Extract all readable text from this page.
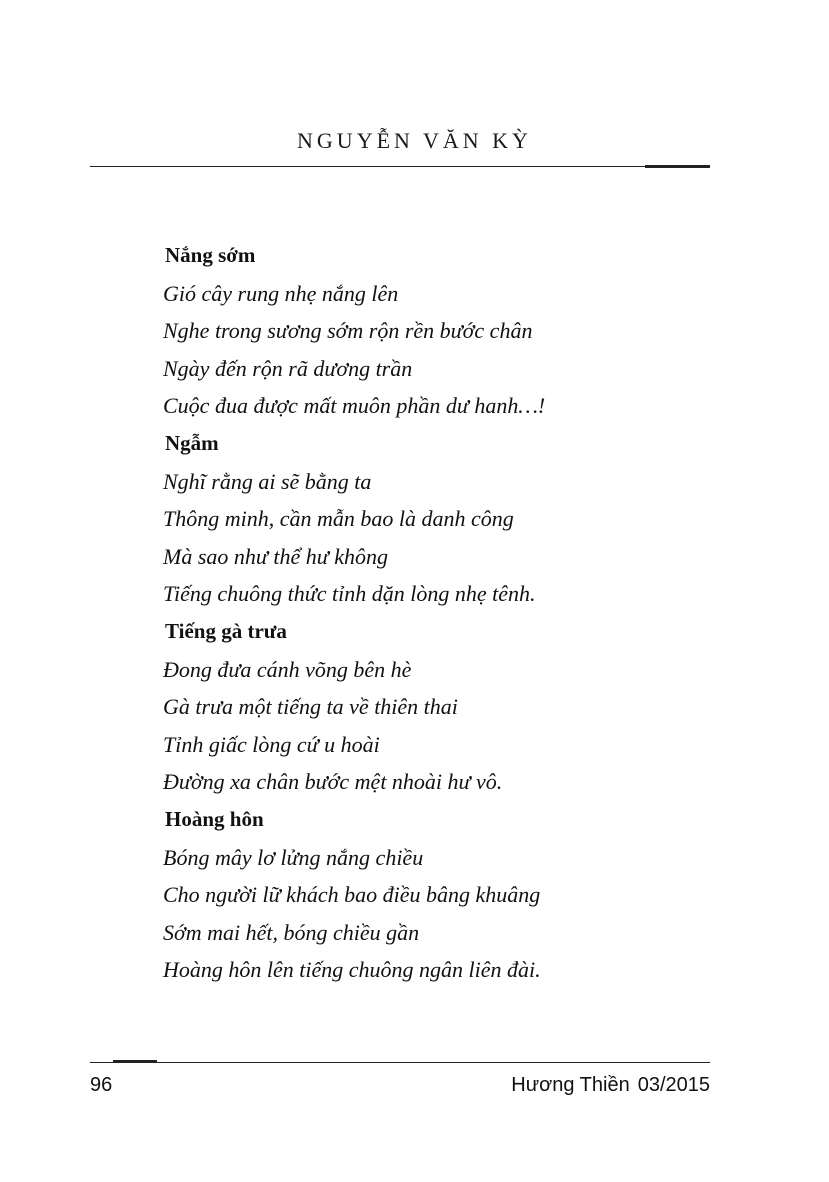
NGUYỄN VĂN KỲ
Nắng sớm
Gió cây rung nhẹ nắng lên
Nghe trong sương sớm rộn rền bước chân
Ngày đến rộn rã dương trần
Cuộc đua được mất muôn phần dư hanh…!
Ngẫm
Nghĩ rằng ai sẽ bằng ta
Thông minh, cần mẫn bao là danh công
Mà sao như thể hư không
Tiếng chuông thức tỉnh dặn lòng nhẹ tênh.
Tiếng gà trưa
Đong đưa cánh võng bên hè
Gà trưa một tiếng ta về thiên thai
Tỉnh giấc lòng cứ u hoài
Đường xa chân bước mệt nhoài hư vô.
Hoàng hôn
Bóng mây lơ lửng nắng chiều
Cho người lữ khách bao điều bâng khuâng
Sớm mai hết, bóng chiều gần
Hoàng hôn lên tiếng chuông ngân liên đài.
96	Hương Thiền 03/2015
